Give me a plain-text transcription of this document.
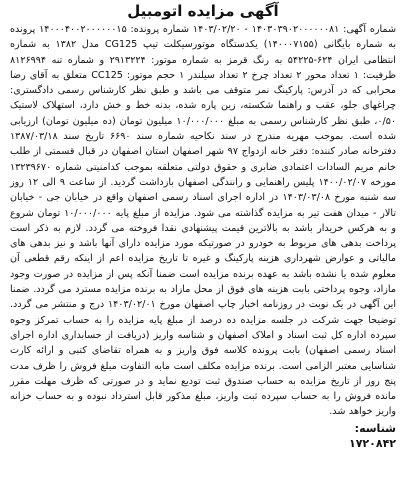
آگهی مزایده اتومبیل

شماره آگهی: ۱۴۰۳۰۳۹۰۲۰۰۰۰۰۰۸۱ - ۱۴۰۳/۰۲/۲۰ شماره پرونده: ۱۴۰۰۰۴۰۰۲۰۰۰۰۰۰۱۵ پرونده به شماره بایگانی (۱۴۰۰۰۷۱۵۵) یکدستگاه موتورسیکلت تیپ CG125 مدل ۱۳۸۲ به شماره انتظامی ایران ۶۲۴-۵۴۲۲۵ به رنگ قرمز به شماره موتور: ۲۹۱۳۲۲۴ و شماره تنه ۸۱۲۶۹۹۴ ظرفیت: ۱ تعداد محور ۲ تعداد چرخ ۲ تعداد سیلندر ۱ حجم موتور: CC125 متعلق به آقای رضا محرابی که در آدرس: پارکینگ نمر متوقف می باشد و طبق نظر کارشناس رسمی دادگستری: چراغهای جلو، عقب و راهنما شکسته، زین پاره شده، بدنه خط و خش دارد، استهلاک لاستیک ۰/۵۰، طبق نظر کارشناس رسمی به مبلغ ۱۰/۰۰۰/۰۰۰ میلیون تومان (ده میلیون تومان) ارزیابی شده است. بموجب مهریه مندرج در سند نکاحیه شماره سند ۶۶۹۰ تاریخ سند ۱۳۸۷/۰۳/۱۸ دفترخانه صادر کننده: دفتر خانه ازدواج ۹۷ شهر اصفهان استان اصفهان در قبال قسمتی از طلب خانم مریم السادات اعتمادی ضابری و حقوق دولتی متعلقه بموجب کدامنیتی شماره ۱۳۲۳۹۶۷۰ مورخه ۱۴۰۰/۰۲/۰۷ پلیس راهنمایی و رانندگی اصفهان بازداشت گردید. از ساعت ۹ الی ۱۲ روز سه شنبه مورخ ۱۴۰۳/۰۳/۰۸ در اداره اجرای اسناد رسمی اصفهان واقع در خیابان جی - خیابان تالار - میدان هفت تیر به مزایده گذاشته می شود. مزایده از مبلغ پایه ۱۰/۰۰۰/۰۰۰ تومان شروع و به هرکس خریدار باشد به بالاترین قیمت پیشنهادی نقدا فروخته می گردد. لازم به ذکر است پرداخت بدهی های مربوط به خودرو در صورتیکه مورد مزایده دارای آنها باشد و نیز بدهی های مالیاتی و عوارض شهرداری هزینه پارکینگ و غیره تا تاریخ مزایده اعم از اینکه رقم قطعی آن معلوم شده یا نشده باشد به عهده برنده مزایده است ضمنا آنکه پس از مزایده در صورت وجود مازاد، وجوه پرداختی بابت هزینه های فوق از محل مازاد به برنده مزایده مسترد می گردد. ضمنا این آگهی در یک نوبت در روزنامه اخبار چاپ اصفهان مورخ ۱۴۰۳/۰۲/۰۱ درج و منتشر می گردد. توضیحا جهت شرکت در جلسه مزایده ده درصد از مبلغ پایه مزایده را به حساب تمرکز وجوه سپرده اداره کل ثبت اسناد و املاک اصفهان و شناسه واریز (دریافت از حسابداری اداره اجرای اسناد رسمی اصفهان) بابت پرونده کلاسه فوق واریز و به همراه تقاضای کتبی و ارائه کارت شناسایی معتبر الزامی است. برنده مزایده مکلف است مابه التفاوت مبلغ فروش را ظرف مدت پنج روز از تاریخ مزایده به حساب صندوق ثبت تودیع نماید و در صورتی که ظرف مهلت مقرر مانده فروش را به حساب سپرده ثبت واریز، مبلغ مذکور قابل استرداد نبوده و به حساب خزانه واریز خواهد شد.

شناسه:
۱۷۲۰۸۴۲
